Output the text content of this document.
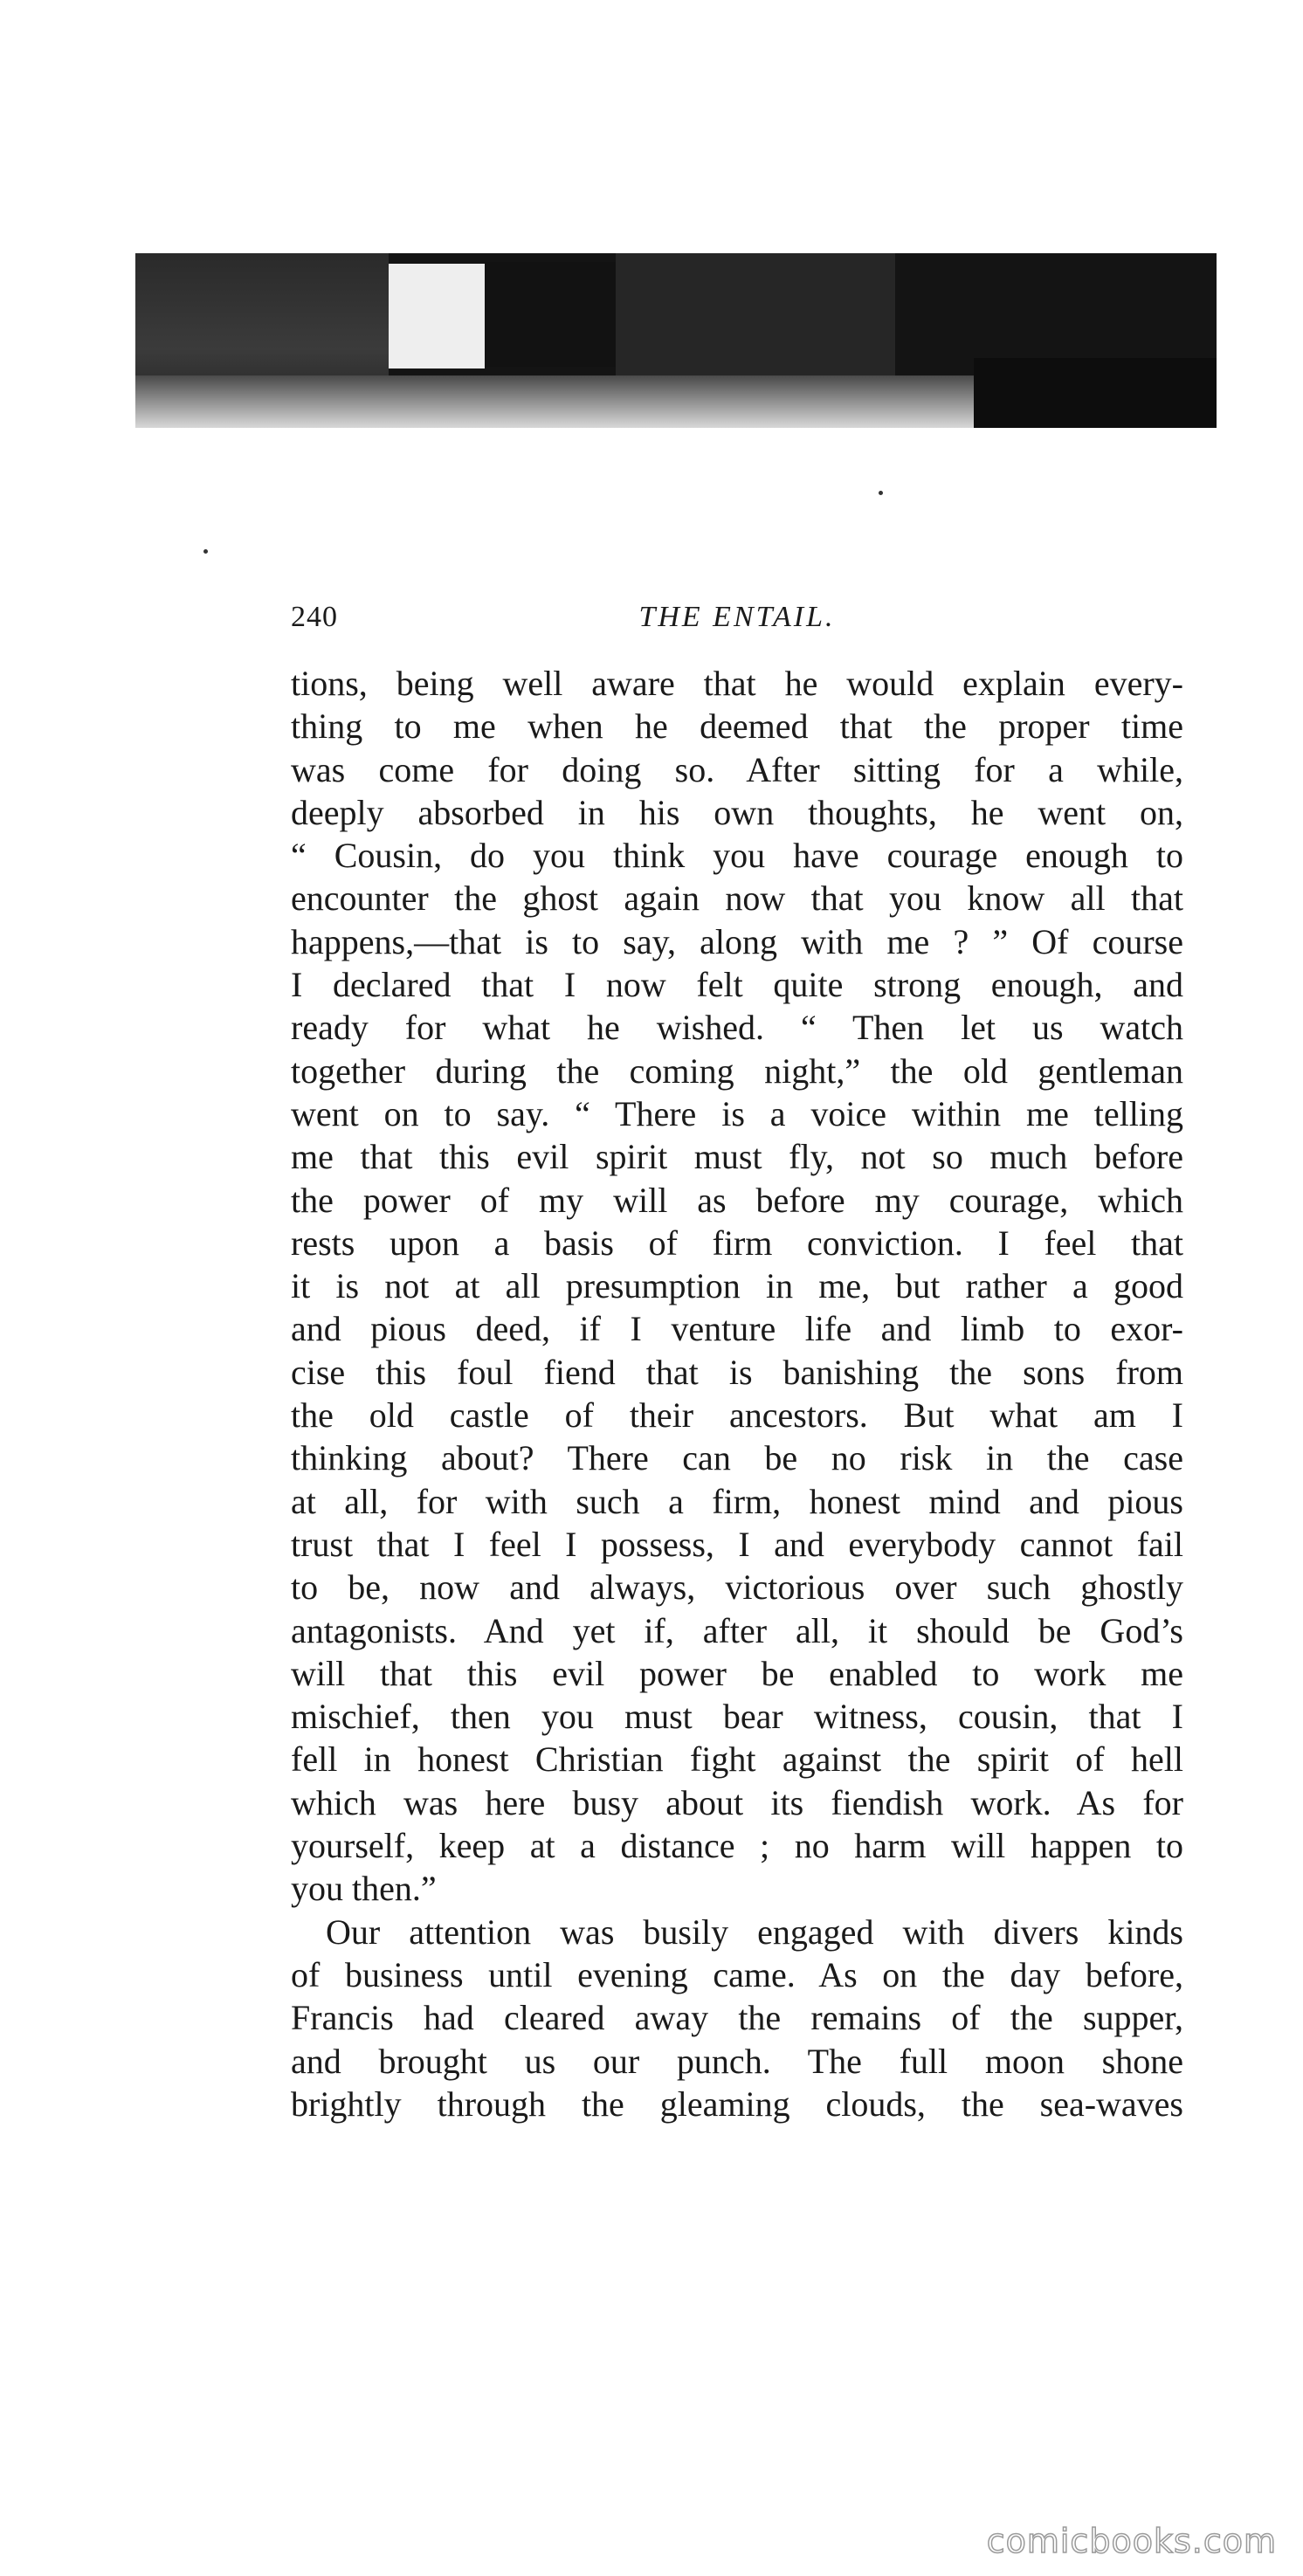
240	THE ENTAIL.
tions, being well aware that he would explain every-
thing to me when he deemed that the proper time
was come for doing so. After sitting for a while,
deeply absorbed in his own thoughts, he went on,
“ Cousin, do you think you have courage enough to
encounter the ghost again now that you know all that
happens,—that is to say, along with me ? ” Of course
I declared that I now felt quite strong enough, and
ready for what he wished. “ Then let us watch
together during the coming night,” the old gentleman
went on to say. “ There is a voice within me telling
me that this evil spirit must fly, not so much before
the power of my will as before my courage, which
rests upon a basis of firm conviction. I feel that
it is not at all presumption in me, but rather a good
and pious deed, if I venture life and limb to exor-
cise this foul fiend that is banishing the sons from
the old castle of their ancestors. But what am I
thinking about? There can be no risk in the case
at all, for with such a firm, honest mind and pious
trust that I feel I possess, I and everybody cannot fail
to be, now and always, victorious over such ghostly
antagonists. And yet if, after all, it should be God’s
will that this evil power be enabled to work me
mischief, then you must bear witness, cousin, that I
fell in honest Christian fight against the spirit of hell
which was here busy about its fiendish work. As for
yourself, keep at a distance ; no harm will happen to
you then.”
Our attention was busily engaged with divers kinds
of business until evening came. As on the day before,
Francis had cleared away the remains of the supper,
and brought us our punch. The full moon shone
brightly through the gleaming clouds, the sea-waves
comicbooks.com
